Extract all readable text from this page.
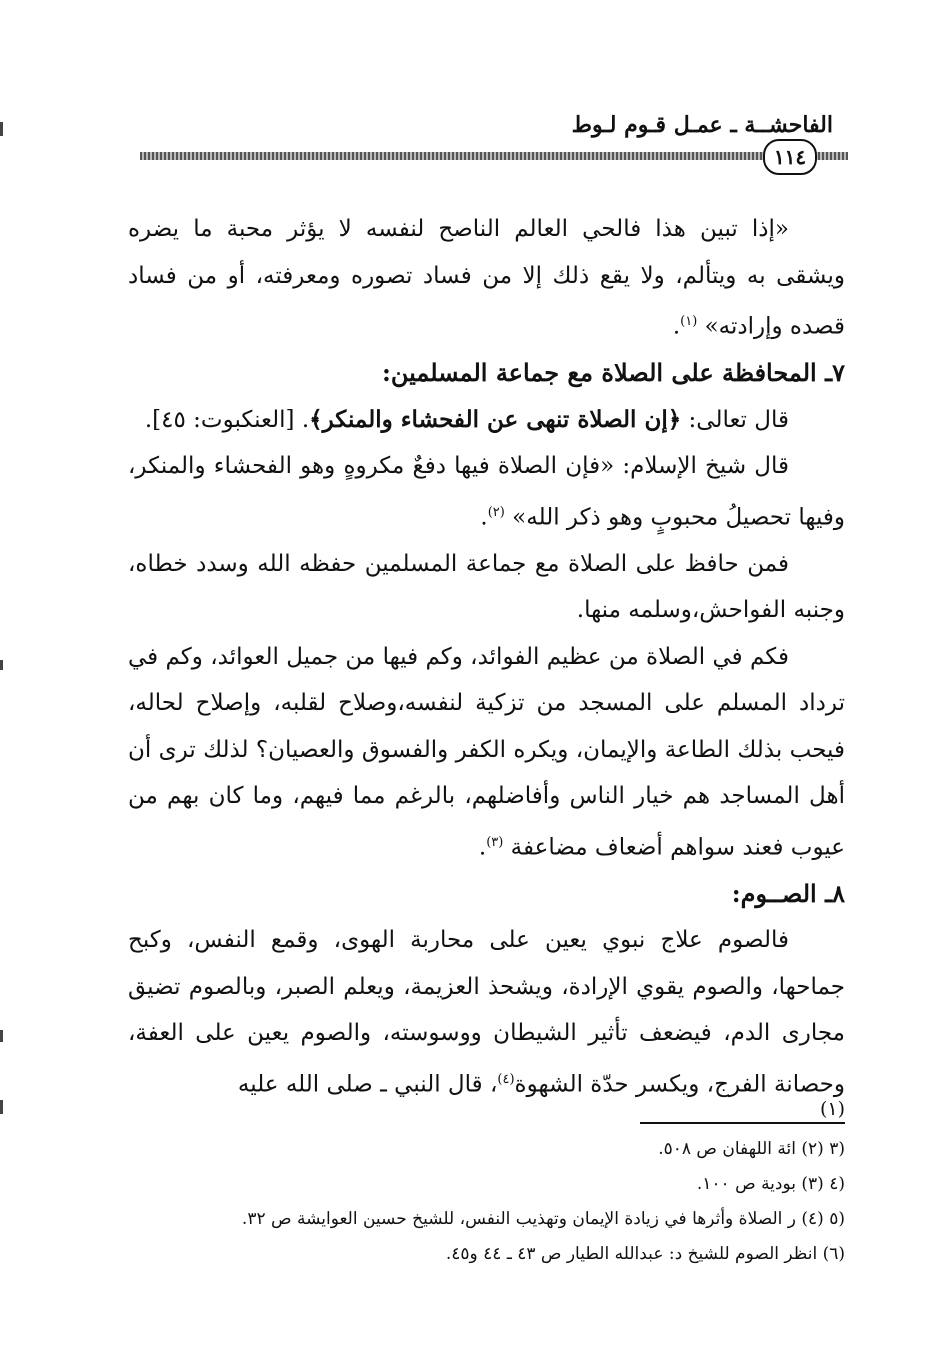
الفاحشــة ـ عمـل قـوم لـوط
١١٤

«إذا تبين هذا فالحي العالم الناصح لنفسه لا يؤثر محبة ما يضره ويشقى به ويتألم، ولا يقع ذلك إلا من فساد تصوره ومعرفته، أو من فساد قصده وإرادته» $^{(١)}$.

٧ـ المحافظة على الصلاة مع جماعة المسلمين:

قال تعالى: ﴿إن الصلاة تنهى عن الفحشاء والمنكر﴾. [العنكبوت: ٤٥].

قال شيخ الإسلام: «فإن الصلاة فيها دفعٌ مكروهٍ وهو الفحشاء والمنكر، وفيها تحصيلُ محبوبٍ وهو ذكر الله» $^{(٢)}$.

فمن حافظ على الصلاة مع جماعة المسلمين حفظه الله وسدد خطاه، وجنبه الفواحش،وسلمه منها.

فكم في الصلاة من عظيم الفوائد، وكم فيها من جميل العوائد، وكم في ترداد المسلم على المسجد من تزكية لنفسه،وصلاح لقلبه، وإصلاح لحاله، فيحب بذلك الطاعة والإيمان، ويكره الكفر والفسوق والعصيان؟ لذلك ترى أن أهل المساجد هم خيار الناس وأفاضلهم، بالرغم مما فيهم، وما كان بهم من عيوب فعند سواهم أضعاف مضاعفة $^{(٣)}$.

٨ـ الصــوم:

فالصوم علاج نبوي يعين على محاربة الهوى، وقمع النفس، وكبح جماحها، والصوم يقوي الإرادة، ويشحذ العزيمة، ويعلم الصبر، وبالصوم تضيق مجارى الدم، فيضعف تأثير الشيطان ووسوسته، والصوم يعين على العفة، وحصانة الفرج، ويكسر حدّة الشهوة$^{(٤)}$، قال النبي ـ صلى الله عليه

(١)
(٣ (٢) ائة اللهفان ص ٥٠٨.
(٤ (٣) بودية ص ١٠٠.
(٥ (٤) ر الصلاة وأثرها في زيادة الإيمان وتهذيب النفس، للشيخ حسين العوايشة ص ٣٢.
(٦) انظر الصوم للشيخ د: عبدالله الطيار ص ٤٣ ـ ٤٤ و٤٥.
